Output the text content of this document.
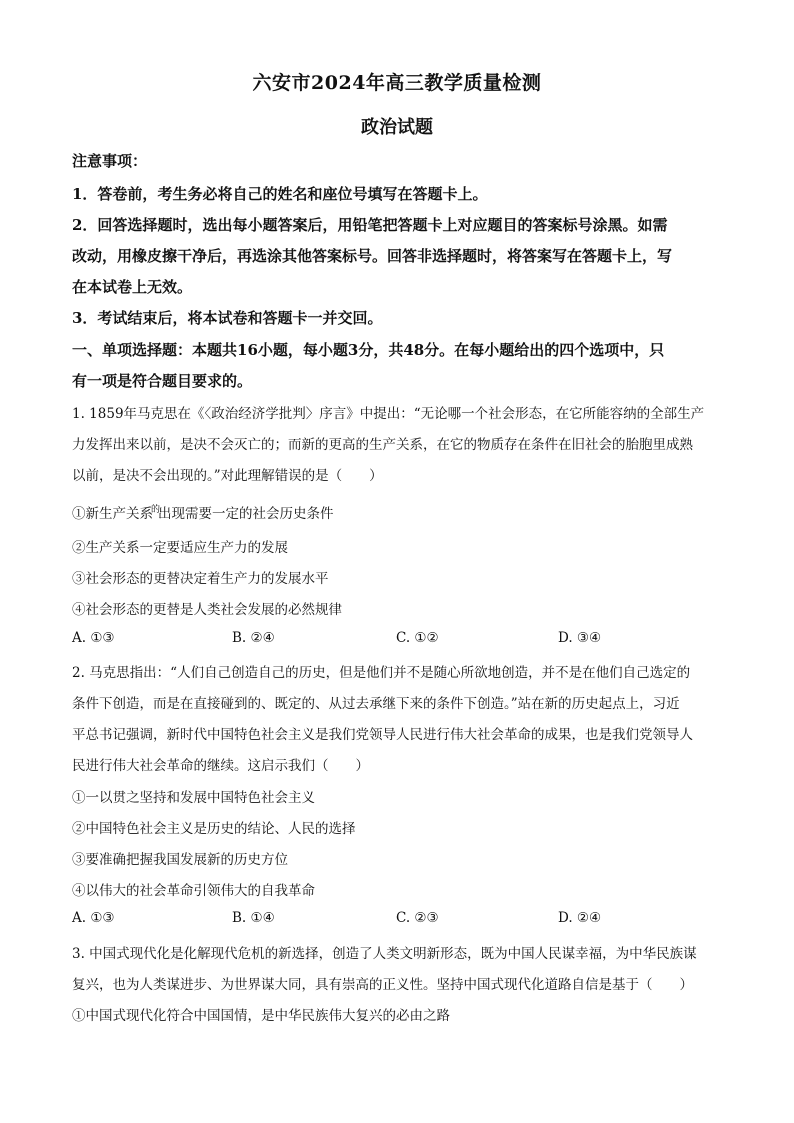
六安市2024年高三教学质量检测
政治试题
注意事项：
1．答卷前，考生务必将自己的姓名和座位号填写在答题卡上。
2．回答选择题时，选出每小题答案后，用铅笔把答题卡上对应题目的答案标号涂黑。如需
改动，用橡皮擦干净后，再选涂其他答案标号。回答非选择题时，将答案写在答题卡上，写
在本试卷上无效。
3．考试结束后，将本试卷和答题卡一并交回。
一、单项选择题：本题共16小题，每小题3分，共48分。在每小题给出的四个选项中，只
有一项是符合题目要求的。
1. 1859年马克思在《〈政治经济学批判〉序言》中提出：“无论哪一个社会形态，在它所能容纳的全部生产
力发挥出来以前，是决不会灭亡的；而新的更高的生产关系，在它的物质存在条件在旧社会的胎胞里成熟
以前，是决不会出现的。”对此理解错误的是（　　）
①新生产关系$^的$出现需要一定的社会历史条件
②生产关系一定要适应生产力的发展
③社会形态的更替决定着生产力的发展水平
④社会形态的更替是人类社会发展的必然规律
A. ①③	B. ②④	C. ①②	D. ③④
2. 马克思指出：“人们自己创造自己的历史，但是他们并不是随心所欲地创造，并不是在他们自己选定的
条件下创造，而是在直接碰到的、既定的、从过去承继下来的条件下创造。”站在新的历史起点上，习近
平总书记强调，新时代中国特色社会主义是我们党领导人民进行伟大社会革命的成果，也是我们党领导人
民进行伟大社会革命的继续。这启示我们（　　）
①一以贯之坚持和发展中国特色社会主义
②中国特色社会主义是历史的结论、人民的选择
③要准确把握我国发展新的历史方位
④以伟大的社会革命引领伟大的自我革命
A. ①③	B. ①④	C. ②③	D. ②④
3. 中国式现代化是化解现代危机的新选择，创造了人类文明新形态，既为中国人民谋幸福，为中华民族谋
复兴，也为人类谋进步、为世界谋大同，具有崇高的正义性。坚持中国式现代化道路自信是基于（　　）
①中国式现代化符合中国国情，是中华民族伟大复兴的必由之路
